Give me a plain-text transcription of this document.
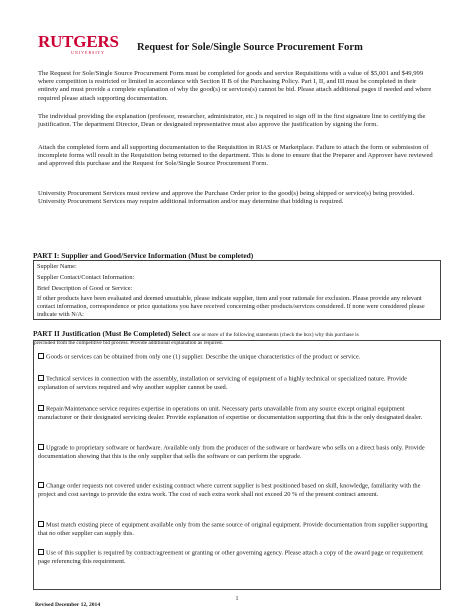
RUTGERS
UNIVERSITY	Request for Sole/Single Source Procurement Form

The Request for Sole/Single Source Procurement Form must be completed for goods and service Requisitions with a value of $5,001 and $49,999 where competition is restricted or limited in accordance with Section II B of the Purchasing Policy. Part I, II, and III must be completed in their entirety and must provide a complete explanation of why the good(s) or services(s) cannot be bid. Please attach additional pages if needed and where required please attach supporting documentation.

The individual providing the explanation (professor, researcher, administrator, etc.) is required to sign off in the first signature line to certifying the justification. The department Director, Dean or designated representative must also approve the justification by signing the form.

Attach the completed form and all supporting documentation to the Requisition in RIAS or Marketplace. Failure to attach the form or submission of incomplete forms will result in the Requisition being returned to the department. This is done to ensure that the Preparer and Approver have reviewed and approved this purchase and the Request for Sole/Single Source Procurement Form.

University Procurement Services must review and approve the Purchase Order prior to the good(s) being shipped or service(s) being provided. University Procurement Services may require additional information and/or may determine that bidding is required.

PART I: Supplier and Good/Service Information (Must be completed)

Supplier Name:

Supplier Contact/Contact Information:

Brief Description of Good or Service:

If other products have been evaluated and deemed unsuitable, please indicate supplier, item and your rationale for exclusion. Please provide any relevant contact information, correspondence or price quotations you have received concerning other products/services considered. If none were considered please indicate with N/A:

PART II Justification (Must Be Completed) Select one or more of the following statements (check the box) why this purchase is

Goods or services can be obtained from only one (1) supplier. Describe the unique characteristics of the product or service.
Technical services in connection with the assembly, installation or servicing of equipment of a highly technical or specialized nature. Provide explanation of services required and why another supplier cannot be used.
Repair/Maintenance service requires expertise in operations on unit. Necessary parts unavailable from any source except original equipment manufacturer or their designated servicing dealer. Provide explanation of expertise or documentation supporting that this is the only designated dealer.
Upgrade to proprietary software or hardware. Available only from the producer of the software or hardware who sells on a direct basis only. Provide documentation showing that this is the only supplier that sells the software or can perform the upgrade.
Change order requests not covered under existing contract where current supplier is best positioned based on skill, knowledge, familiarity with the project and cost savings to provide the extra work. The cost of such extra work shall not exceed 20 % of the present contract amount.
Must match existing piece of equipment available only from the same source of original equipment. Provide documentation from supplier supporting that no other supplier can supply this.
Use of this supplier is required by contract/agreement or granting or other governing agency. Please attach a copy of the award page or requirement page referencing this requirement.

precluded from the competitive bid process. Provide additional explanation as required.

1
Revised December 12, 2014
